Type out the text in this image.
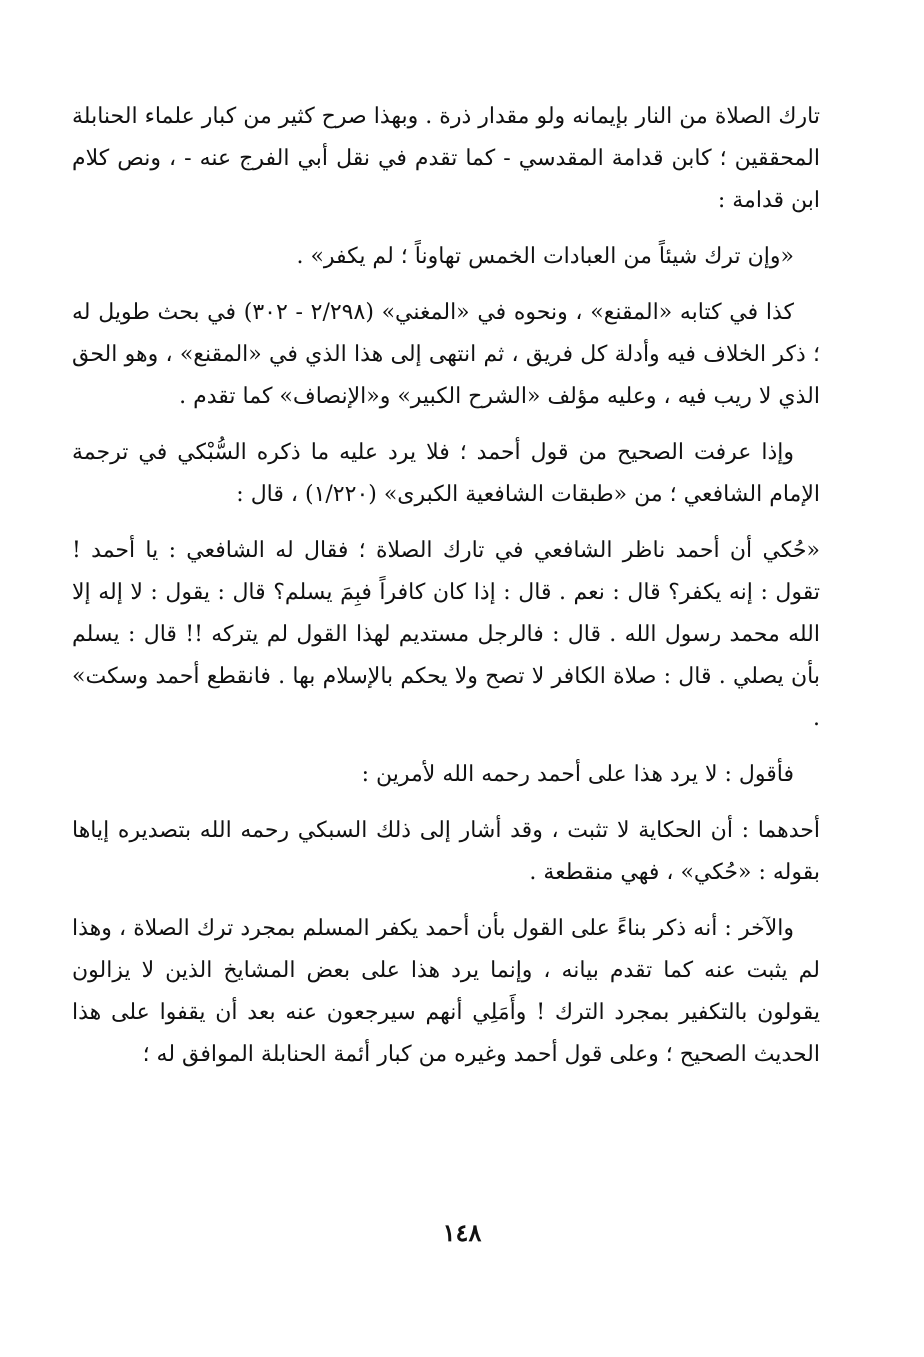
تارك الصلاة من النار بإيمانه ولو مقدار ذرة . وبهذا صرح كثير من كبار علماء الحنابلة المحققين ؛ كابن قدامة المقدسي - كما تقدم في نقل أبي الفرج عنه - ، ونص كلام ابن قدامة :

«وإن ترك شيئاً من العبادات الخمس تهاوناً ؛ لم يكفر» .

كذا في كتابه «المقنع» ، ونحوه في «المغني» (٢/٢٩٨ - ٣٠٢) في بحث طويل له ؛ ذكر الخلاف فيه وأدلة كل فريق ، ثم انتهى إلى هذا الذي في «المقنع» ، وهو الحق الذي لا ريب فيه ، وعليه مؤلف «الشرح الكبير» و«الإنصاف» كما تقدم .

وإذا عرفت الصحيح من قول أحمد ؛ فلا يرد عليه ما ذكره السُّبْكي في ترجمة الإمام الشافعي ؛ من «طبقات الشافعية الكبرى» (١/٢٢٠) ، قال :

«حُكي أن أحمد ناظر الشافعي في تارك الصلاة ؛ فقال له الشافعي : يا أحمد ! تقول : إنه يكفر؟ قال : نعم . قال : إذا كان كافراً فبِمَ يسلم؟ قال : يقول : لا إله إلا الله محمد رسول الله . قال : فالرجل مستديم لهذا القول لم يتركه !! قال : يسلم بأن يصلي . قال : صلاة الكافر لا تصح ولا يحكم بالإسلام بها . فانقطع أحمد وسكت» .

فأقول : لا يرد هذا على أحمد رحمه الله لأمرين :

أحدهما : أن الحكاية لا تثبت ، وقد أشار إلى ذلك السبكي رحمه الله بتصديره إياها بقوله : «حُكي» ، فهي منقطعة .

والآخر : أنه ذكر بناءً على القول بأن أحمد يكفر المسلم بمجرد ترك الصلاة ، وهذا لم يثبت عنه كما تقدم بيانه ، وإنما يرد هذا على بعض المشايخ الذين لا يزالون يقولون بالتكفير بمجرد الترك ! وأَمَلِي أنهم سيرجعون عنه بعد أن يقفوا على هذا الحديث الصحيح ؛ وعلى قول أحمد وغيره من كبار أئمة الحنابلة الموافق له ؛

١٤٨
